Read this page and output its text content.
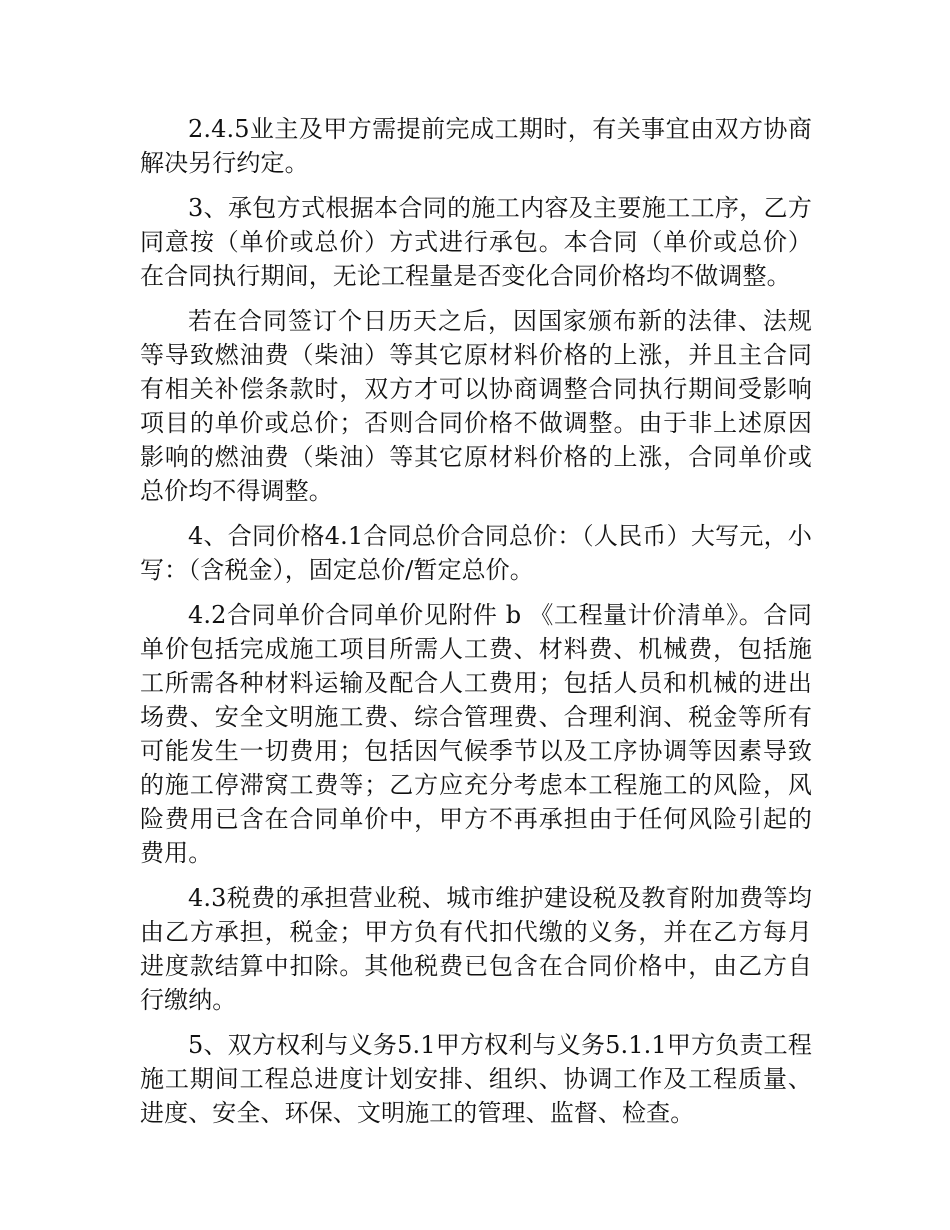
2.4.5业主及甲方需提前完成工期时，有关事宜由双方协商解决另行约定。

3、承包方式根据本合同的施工内容及主要施工工序，乙方同意按（单价或总价）方式进行承包。本合同（单价或总价）在合同执行期间，无论工程量是否变化合同价格均不做调整。

若在合同签订个日历天之后，因国家颁布新的法律、法规等导致燃油费（柴油）等其它原材料价格的上涨，并且主合同有相关补偿条款时，双方才可以协商调整合同执行期间受影响项目的单价或总价；否则合同价格不做调整。由于非上述原因影响的燃油费（柴油）等其它原材料价格的上涨，合同单价或总价均不得调整。

4、合同价格4.1合同总价合同总价：（人民币）大写元，小写：（含税金），固定总价/暂定总价。

4.2合同单价合同单价见附件 b 《工程量计价清单》。合同单价包括完成施工项目所需人工费、材料费、机械费，包括施工所需各种材料运输及配合人工费用；包括人员和机械的进出场费、安全文明施工费、综合管理费、合理利润、税金等所有可能发生一切费用；包括因气候季节以及工序协调等因素导致的施工停滞窝工费等；乙方应充分考虑本工程施工的风险，风险费用已含在合同单价中，甲方不再承担由于任何风险引起的费用。

4.3税费的承担营业税、城市维护建设税及教育附加费等均由乙方承担，税金；甲方负有代扣代缴的义务，并在乙方每月进度款结算中扣除。其他税费已包含在合同价格中，由乙方自行缴纳。

5、双方权利与义务5.1甲方权利与义务5.1.1甲方负责工程施工期间工程总进度计划安排、组织、协调工作及工程质量、进度、安全、环保、文明施工的管理、监督、检查。
